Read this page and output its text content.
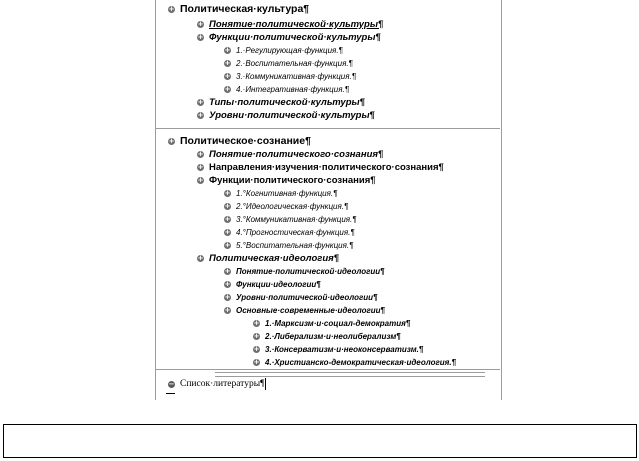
+ Политическая·культура¶
+ Понятие·политической·культуры¶
+ Функции·политической·культуры¶
+ 1.·Регулирующая·функция.¶
+ 2.·Воспитательная·функция.¶
+ 3.·Коммуникативная·функция.¶
+ 4.·Интегративная·функция.¶
+ Типы·политической·культуры¶
+ Уровни·политической·культуры¶
+ Политическое·сознание¶
+ Понятие·политического·сознания¶
+ Направления·изучения·политического·сознания¶
+ Функции·политического·сознания¶
+ 1.°Когнитивная·функция.¶
+ 2.°Идеологическая·функция.¶
+ 3.°Коммуникативная·функция.¶
+ 4.°Прогностическая·функция.¶
+ 5.°Воспитательная·функция.¶
+ Политическая·идеология¶
+ Понятие·политической·идеологии¶
+ Функции·идеологии¶
+ Уровни·политической·идеологии¶
+ Основные·современные·идеологии¶
+ 1.·Марксизм·и·социал-демократия¶
+ 2.·Либерализм·и·неолиберализм¶
+ 3.·Консерватизм·и·неоконсерватизм.¶
+ 4.·Христианско-демократическая·идеология.¶
− Список·литературы¶
